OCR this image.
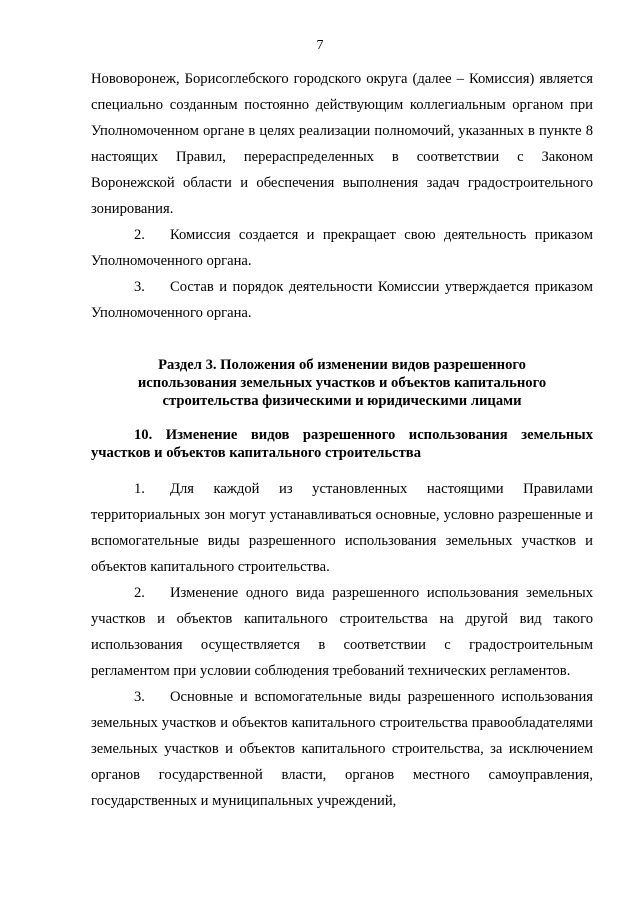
7

Нововоронеж, Борисоглебского городского округа (далее – Комиссия) является специально созданным постоянно действующим коллегиальным органом при Уполномоченном органе в целях реализации полномочий, указанных в пункте 8 настоящих Правил, перераспределенных в соответствии с Законом Воронежской области и обеспечения выполнения задач градостроительного зонирования.

2. Комиссия создается и прекращает свою деятельность приказом Уполномоченного органа.

3. Состав и порядок деятельности Комиссии утверждается приказом Уполномоченного органа.

Раздел 3. Положения об изменении видов разрешенного использования земельных участков и объектов капитального строительства физическими и юридическими лицами

10. Изменение видов разрешенного использования земельных участков и объектов капитального строительства

1. Для каждой из установленных настоящими Правилами территориальных зон могут устанавливаться основные, условно разрешенные и вспомогательные виды разрешенного использования земельных участков и объектов капитального строительства.

2. Изменение одного вида разрешенного использования земельных участков и объектов капитального строительства на другой вид такого использования осуществляется в соответствии с градостроительным регламентом при условии соблюдения требований технических регламентов.

3. Основные и вспомогательные виды разрешенного использования земельных участков и объектов капитального строительства правообладателями земельных участков и объектов капитального строительства, за исключением органов государственной власти, органов местного самоуправления, государственных и муниципальных учреждений,
